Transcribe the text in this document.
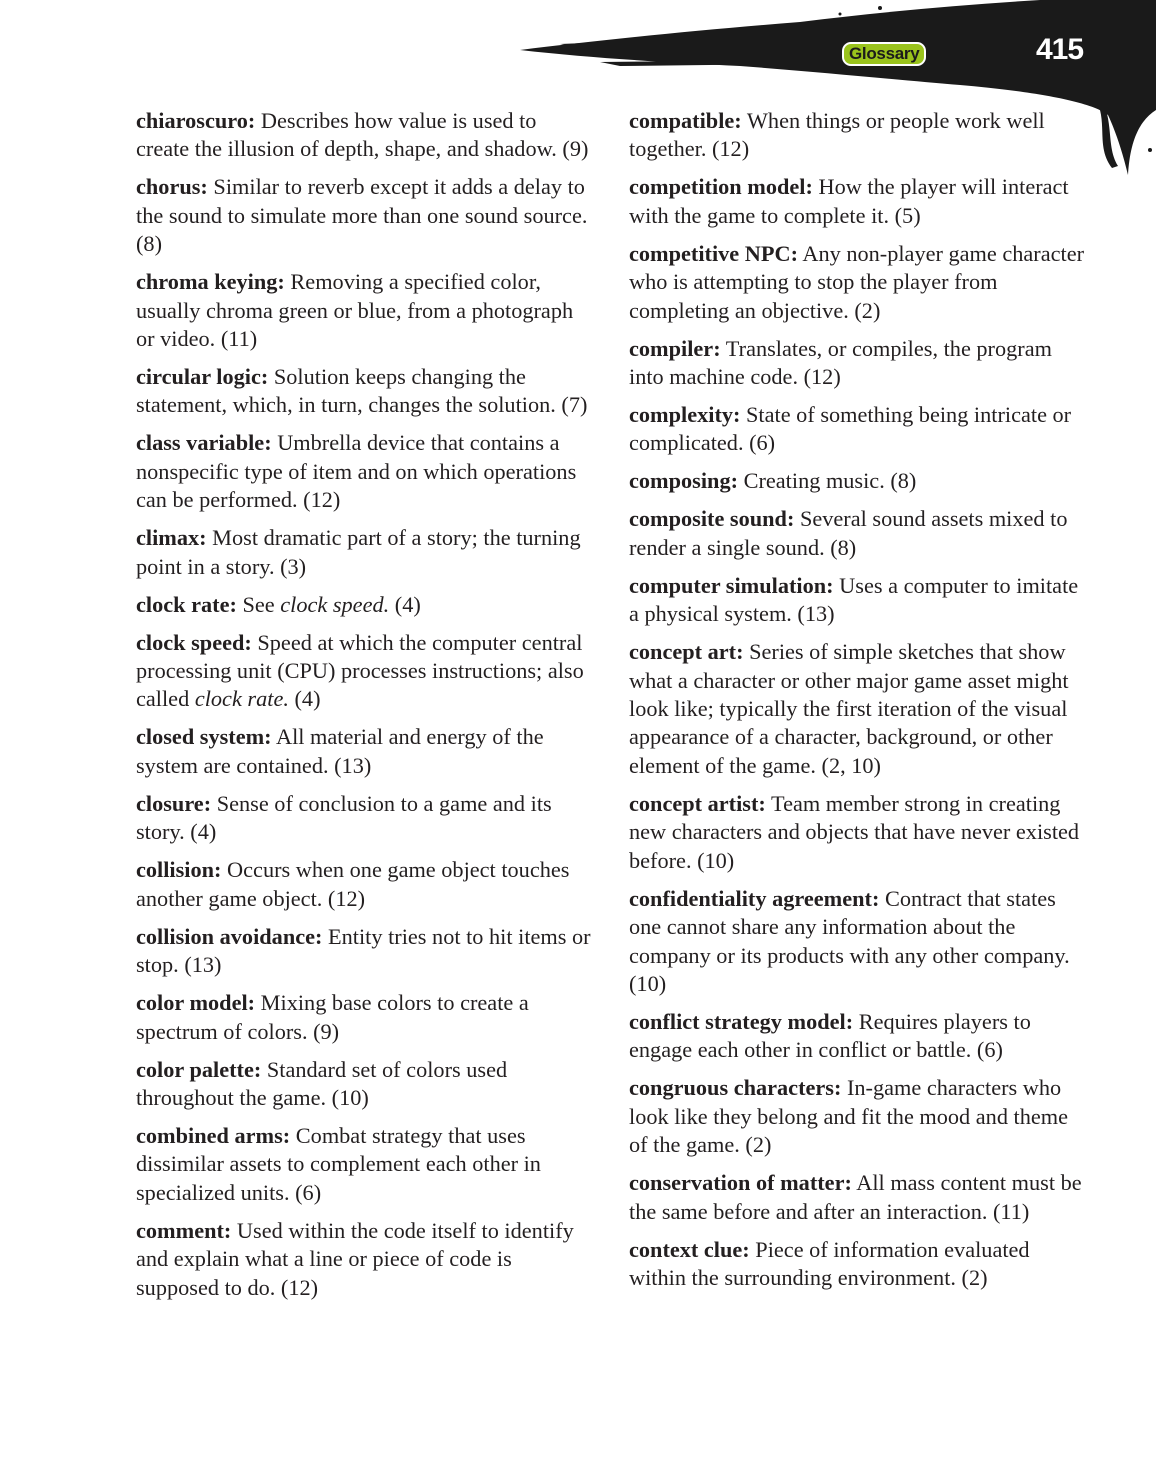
Glossary	415

chiaroscuro: Describes how value is used to create the illusion of depth, shape, and shadow. (9)

chorus: Similar to reverb except it adds a delay to the sound to simulate more than one sound source. (8)

chroma keying: Removing a specified color, usually chroma green or blue, from a photograph or video. (11)

circular logic: Solution keeps changing the statement, which, in turn, changes the solution. (7)

class variable: Umbrella device that contains a nonspecific type of item and on which operations can be performed. (12)

climax: Most dramatic part of a story; the turning point in a story. (3)

clock rate: See clock speed. (4)

clock speed: Speed at which the computer central processing unit (CPU) processes instructions; also called clock rate. (4)

closed system: All material and energy of the system are contained. (13)

closure: Sense of conclusion to a game and its story. (4)

collision: Occurs when one game object touches another game object. (12)

collision avoidance: Entity tries not to hit items or stop. (13)

color model: Mixing base colors to create a spectrum of colors. (9)

color palette: Standard set of colors used throughout the game. (10)

combined arms: Combat strategy that uses dissimilar assets to complement each other in specialized units. (6)

comment: Used within the code itself to identify and explain what a line or piece of code is supposed to do. (12)

compatible: When things or people work well together. (12)

competition model: How the player will interact with the game to complete it. (5)

competitive NPC: Any non-player game character who is attempting to stop the player from completing an objective. (2)

compiler: Translates, or compiles, the program into machine code. (12)

complexity: State of something being intricate or complicated. (6)

composing: Creating music. (8)

composite sound: Several sound assets mixed to render a single sound. (8)

computer simulation: Uses a computer to imitate a physical system. (13)

concept art: Series of simple sketches that show what a character or other major game asset might look like; typically the first iteration of the visual appearance of a character, background, or other element of the game. (2, 10)

concept artist: Team member strong in creating new characters and objects that have never existed before. (10)

confidentiality agreement: Contract that states one cannot share any information about the company or its products with any other company. (10)

conflict strategy model: Requires players to engage each other in conflict or battle. (6)

congruous characters: In-game characters who look like they belong and fit the mood and theme of the game. (2)

conservation of matter: All mass content must be the same before and after an interaction. (11)

context clue: Piece of information evaluated within the surrounding environment. (2)
